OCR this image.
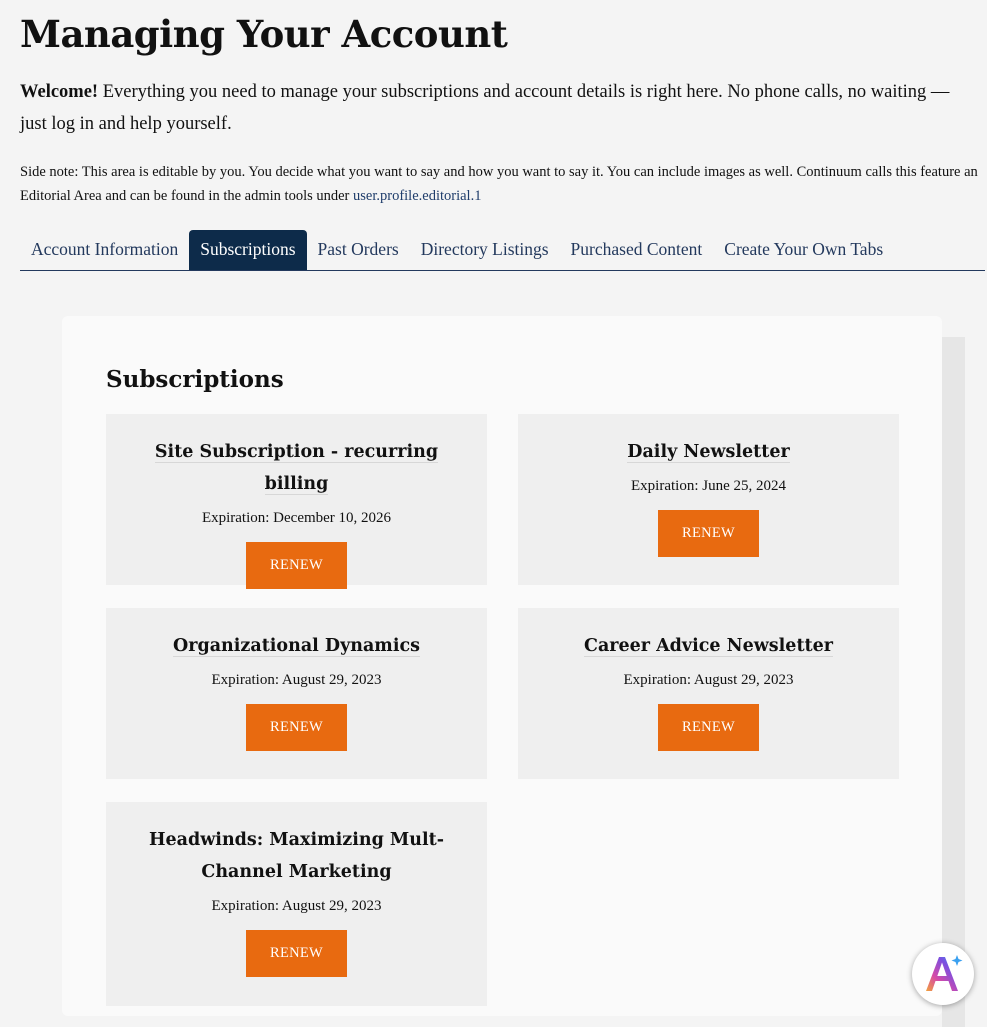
Managing Your Account

Welcome! Everything you need to manage your subscriptions and account details is right here. No phone calls, no waiting — just log in and help yourself.

Side note: This area is editable by you. You decide what you want to say and how you want to say it. You can include images as well. Continuum calls this feature an Editorial Area and can be found in the admin tools under user.profile.editorial.1

Account Information	Subscriptions	Past Orders	Directory Listings	Purchased Content	Create Your Own Tabs
Subscriptions
Site Subscription - recurring billing
Expiration: December 10, 2026
RENEW
Daily Newsletter
Expiration: June 25, 2024
RENEW
Organizational Dynamics
Expiration: August 29, 2023
RENEW
Career Advice Newsletter
Expiration: August 29, 2023
RENEW
Headwinds: Maximizing Mult-Channel Marketing
Expiration: August 29, 2023
RENEW
